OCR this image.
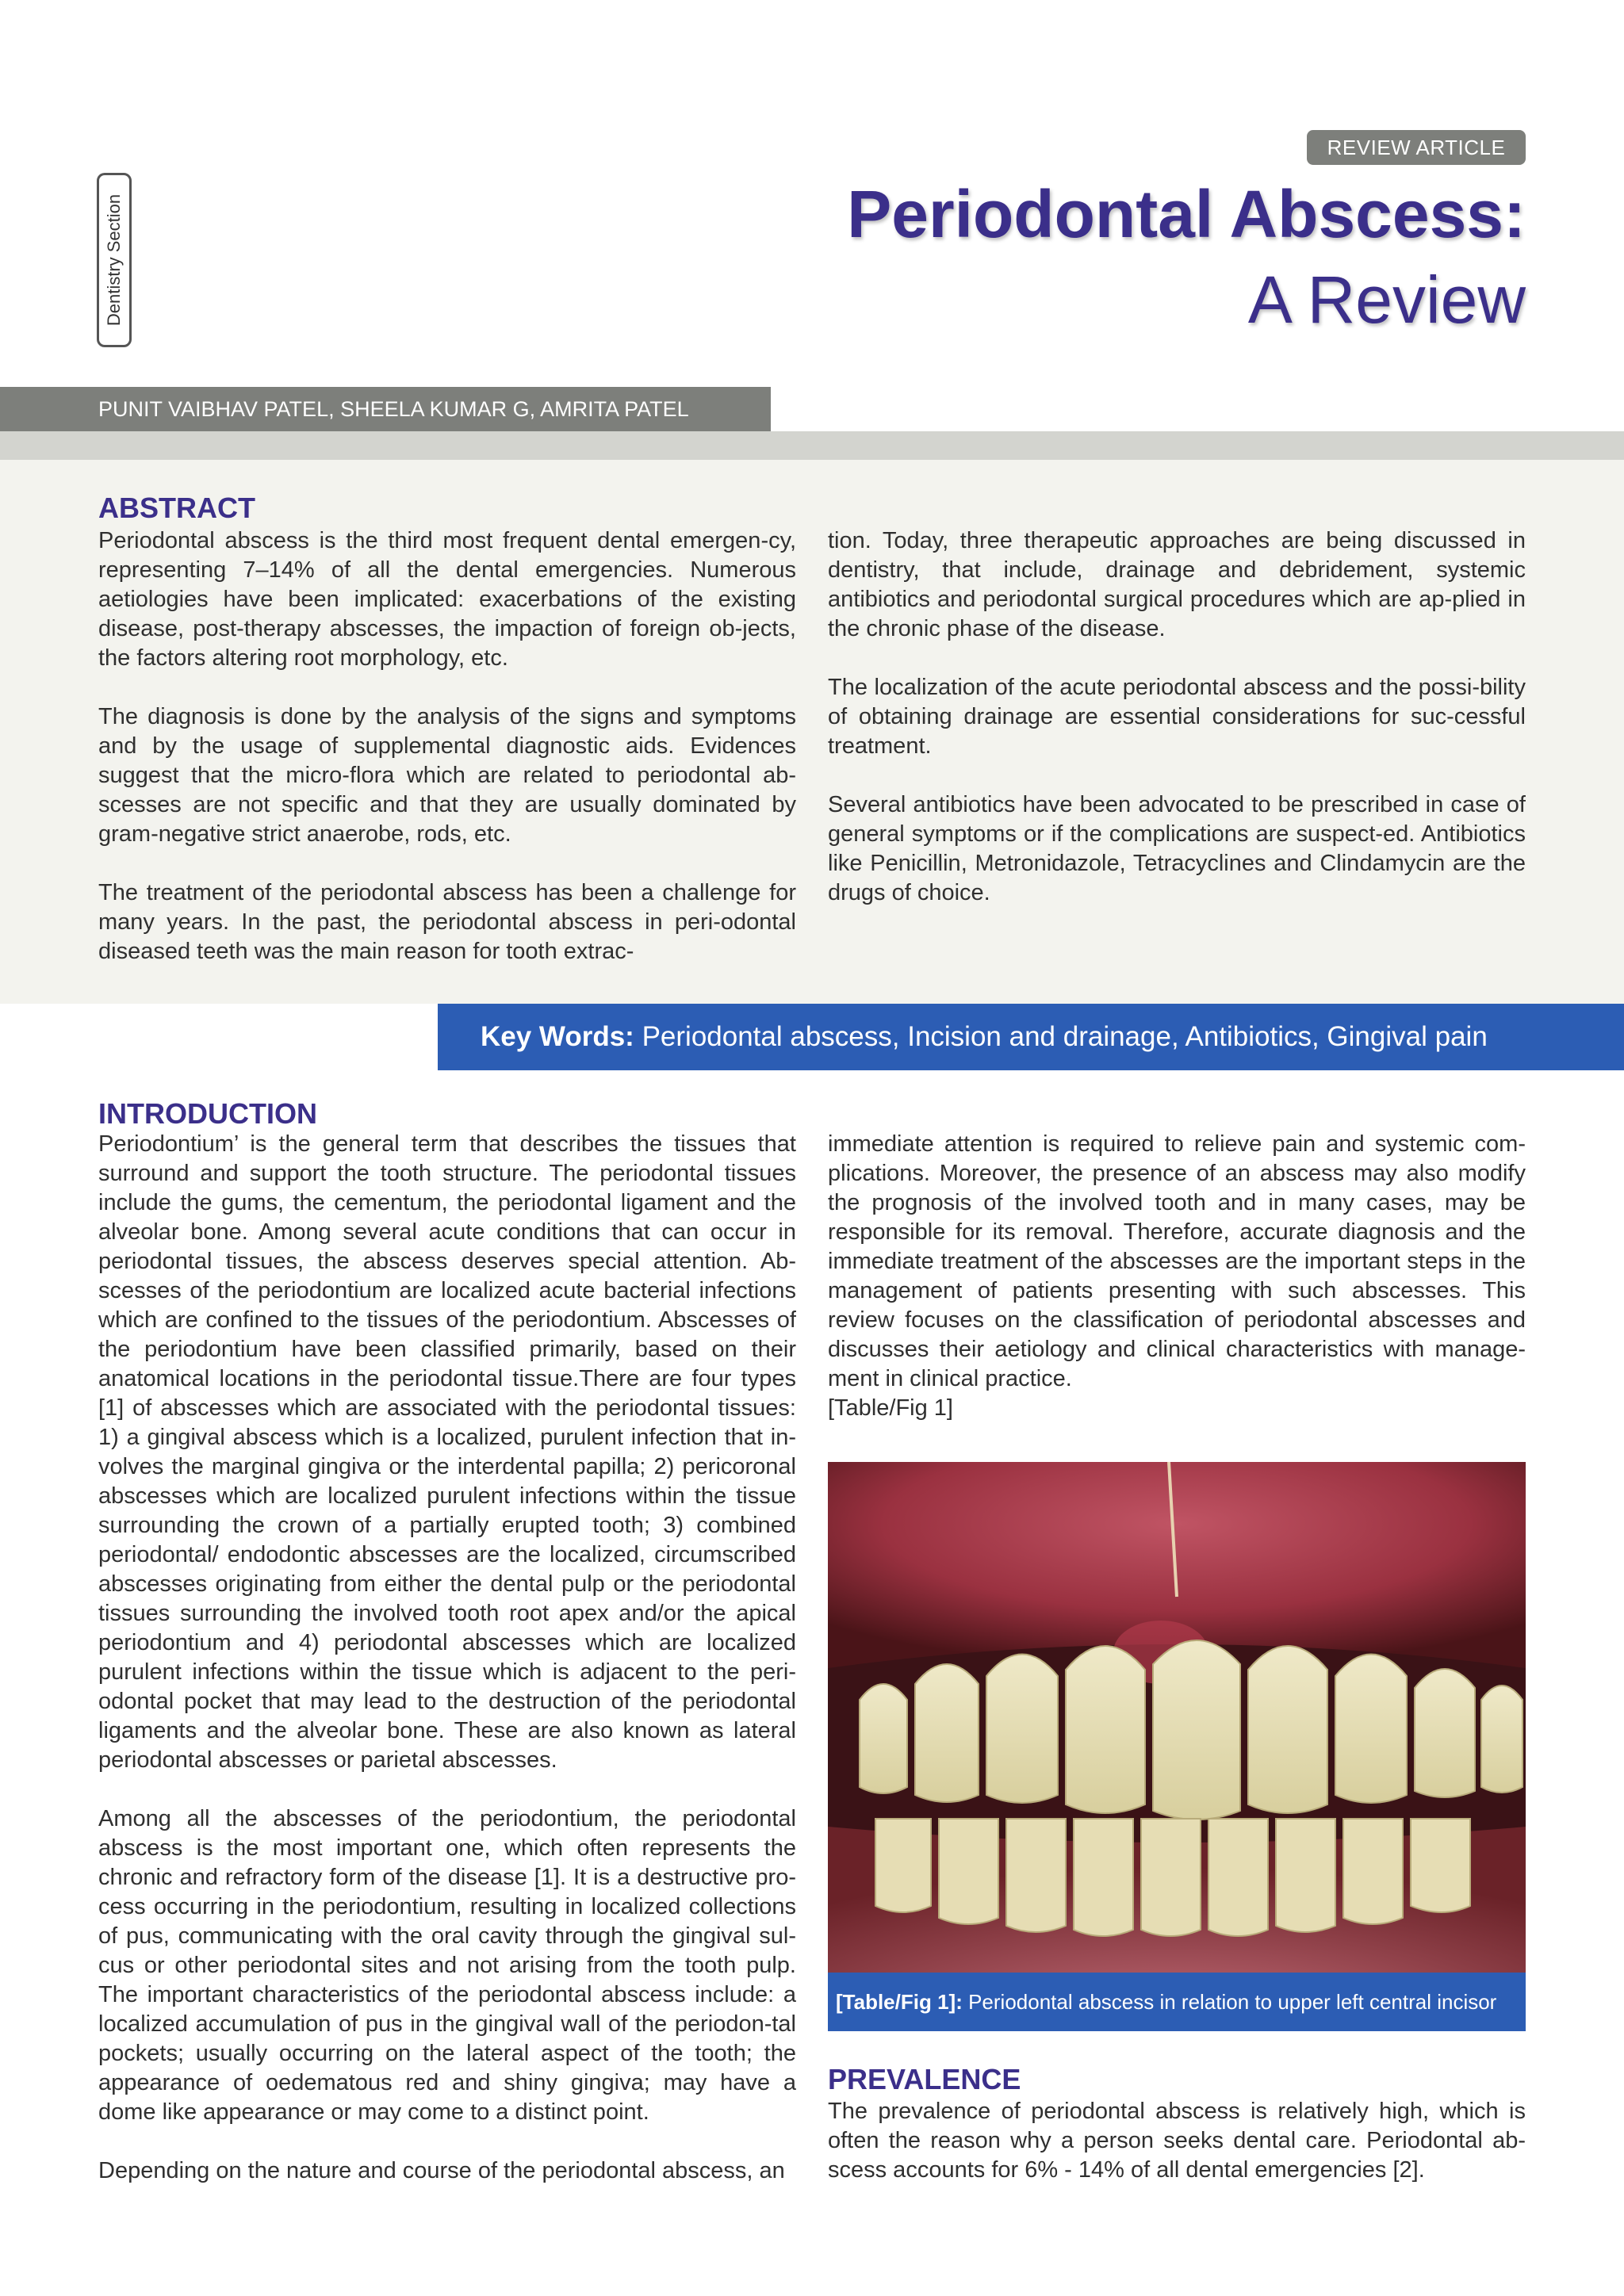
REVIEW ARTICLE
Periodontal Abscess:
A Review
Dentistry Section
PUNIT VAIBHAV PATEL, SHEELA KUMAR G, AMRITA PATEL
ABSTRACT

Periodontal abscess is the third most frequent dental emergen-cy, representing 7–14% of all the dental emergencies. Numerous aetiologies have been implicated: exacerbations of the existing disease, post-therapy abscesses, the impaction of foreign ob-jects, the factors altering root morphology, etc.

The diagnosis is done by the analysis of the signs and symptoms and by the usage of supplemental diagnostic aids. Evidences suggest that the micro-flora which are related to periodontal ab-scesses are not specific and that they are usually dominated by gram-negative strict anaerobe, rods, etc.

The treatment of the periodontal abscess has been a challenge for many years. In the past, the periodontal abscess in peri-odontal diseased teeth was the main reason for tooth extrac-

tion. Today, three therapeutic approaches are being discussed in dentistry, that include, drainage and debridement, systemic antibiotics and periodontal surgical procedures which are ap-plied in the chronic phase of the disease.

The localization of the acute periodontal abscess and the possi-bility of obtaining drainage are essential considerations for suc-cessful treatment.

Several antibiotics have been advocated to be prescribed in case of general symptoms or if the complications are suspect-ed. Antibiotics like Penicillin, Metronidazole, Tetracyclines and Clindamycin are the drugs of choice.

Key Words: Periodontal abscess, Incision and drainage, Antibiotics, Gingival pain
INTRODUCTION

Periodontium’ is the general term that describes the tissues that surround and support the tooth structure. The periodontal tissues include the gums, the cementum, the periodontal ligament and the alveolar bone. Among several acute conditions that can occur in periodontal tissues, the abscess deserves special attention. Ab-scesses of the periodontium are localized acute bacterial infections which are confined to the tissues of the periodontium. Abscesses of the periodontium have been classified primarily, based on their anatomical locations in the periodontal tissue.There are four types [1] of abscesses which are associated with the periodontal tissues: 1) a gingival abscess which is a localized, purulent infection that in-volves the marginal gingiva or the interdental papilla; 2) pericoronal abscesses which are localized purulent infections within the tissue surrounding the crown of a partially erupted tooth; 3) combined periodontal/ endodontic abscesses are the localized, circumscribed abscesses originating from either the dental pulp or the periodontal tissues surrounding the involved tooth root apex and/or the apical periodontium and 4) periodontal abscesses which are localized purulent infections within the tissue which is adjacent to the peri-odontal pocket that may lead to the destruction of the periodontal ligaments and the alveolar bone. These are also known as lateral periodontal abscesses or parietal abscesses.

Among all the abscesses of the periodontium, the periodontal abscess is the most important one, which often represents the chronic and refractory form of the disease [1]. It is a destructive pro-cess occurring in the periodontium, resulting in localized collections of pus, communicating with the oral cavity through the gingival sul-cus or other periodontal sites and not arising from the tooth pulp. The important characteristics of the periodontal abscess include: a localized accumulation of pus in the gingival wall of the periodon-tal pockets; usually occurring on the lateral aspect of the tooth; the appearance of oedematous red and shiny gingiva; may have a dome like appearance or may come to a distinct point.

Depending on the nature and course of the periodontal abscess, an

immediate attention is required to relieve pain and systemic com-plications. Moreover, the presence of an abscess may also modify the prognosis of the involved tooth and in many cases, may be responsible for its removal. Therefore, accurate diagnosis and the immediate treatment of the abscesses are the important steps in the management of patients presenting with such abscesses. This review focuses on the classification of periodontal abscesses and discusses their aetiology and clinical characteristics with manage-ment in clinical practice.

[Table/Fig 1]

[Table/Fig 1]: Periodontal abscess in relation to upper left central incisor
PREVALENCE

The prevalence of periodontal abscess is relatively high, which is often the reason why a person seeks dental care. Periodontal ab-scess accounts for 6% - 14% of all dental emergencies [2].
